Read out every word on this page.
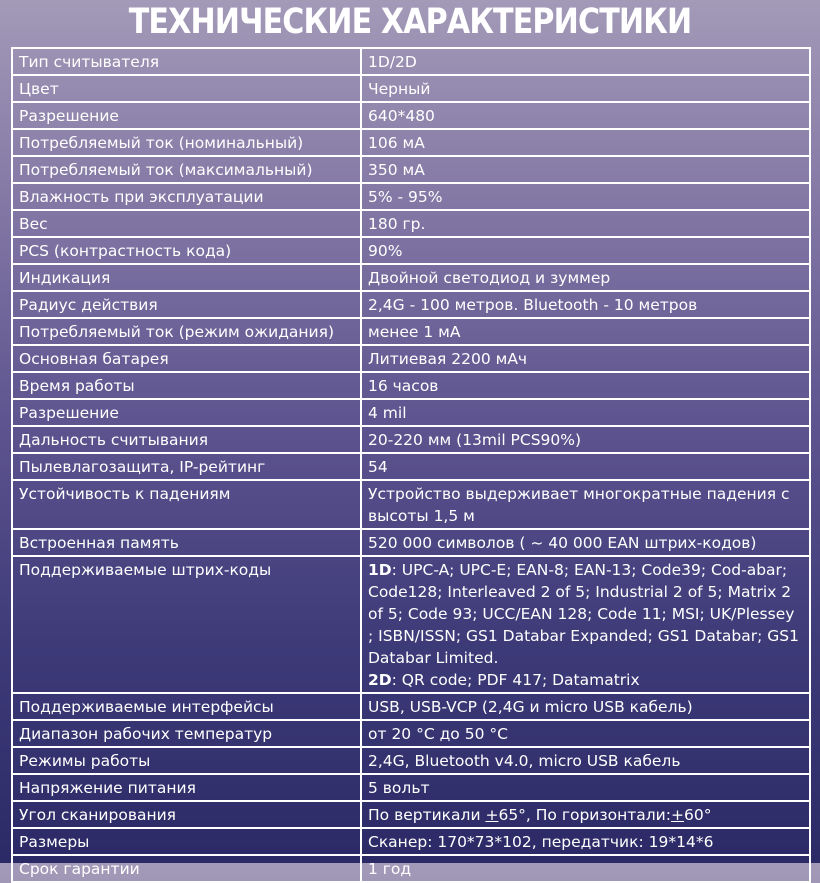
ТЕХНИЧЕСКИЕ ХАРАКТЕРИСТИКИ
Тип считывателя	1D/2D
Цвет	Черный
Разрешение	640*480
Потребляемый ток (номинальный)	106 мА
Потребляемый ток (максимальный)	350 мА
Влажность при эксплуатации	5% - 95%
Вес	180 гр.
PCS (контрастность кода)	90%
Индикация	Двойной светодиод и зуммер
Радиус действия	2,4G - 100 метров. Bluetooth - 10 метров
Потребляемый ток (режим ожидания)	менее 1 мА
Основная батарея	Литиевая 2200 мАч
Время работы	16 часов
Разрешение	4 mil
Дальность считывания	20-220 мм (13mil PCS90%)
Пылевлагозащита, IP-рейтинг	54
Устойчивость к падениям	Устройство выдерживает многократные падения с высоты 1,5 м
Встроенная память	520 000 символов ( ~ 40 000 EAN штрих-кодов)
Поддерживаемые штрих-коды	1D: UPC-A; UPC-E; EAN-8; EAN-13; Code39; Cod-abar; Code128; Interleaved 2 of 5; Industrial 2 of 5; Matrix 2 of 5; Code 93; UCC/EAN 128; Code 11; MSI; UK/Plessey ; ISBN/ISSN; GS1 Databar Expanded; GS1 Databar; GS1 Databar Limited.
2D: QR code; PDF 417; Datamatrix
Поддерживаемые интерфейсы	USB, USB-VCP (2,4G и micro USB кабель)
Диапазон рабочих температур	от 20 °С до 50 °С
Режимы работы	2,4G, Bluetooth v4.0, micro USB кабель
Напряжение питания	5 вольт
Угол сканирования	По вертикали +65°, По горизонтали:+60°
Размеры	Сканер: 170*73*102, передатчик: 19*14*6
Срок гарантии	1 год
